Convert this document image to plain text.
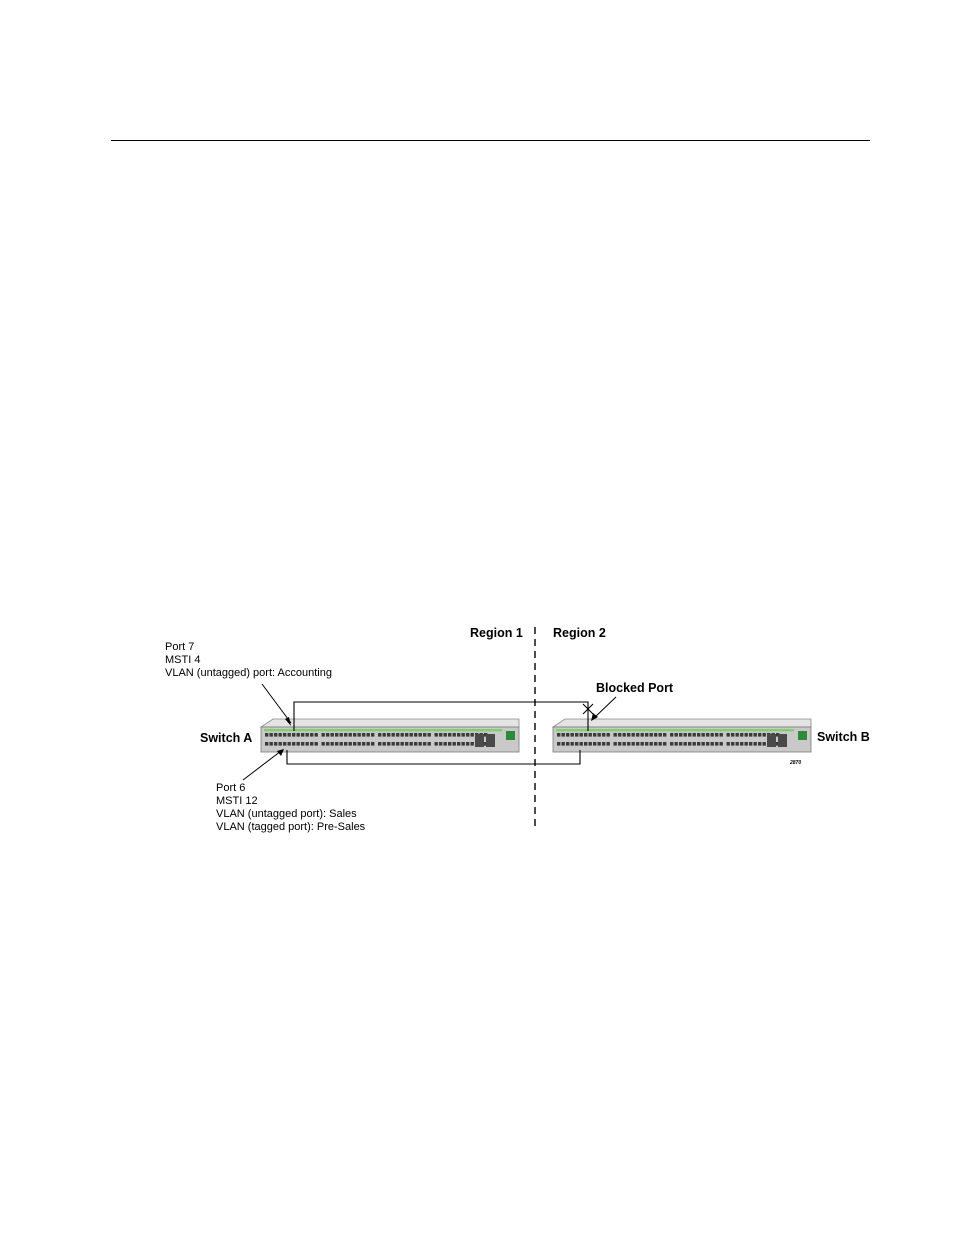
Region 1 Region 2
Port 7
MSTI 4
VLAN (untagged) port: Accounting
Blocked Port
Switch A	Switch B
2870
Port 6
MSTI 12
VLAN (untagged port): Sales
VLAN (tagged port): Pre-Sales
